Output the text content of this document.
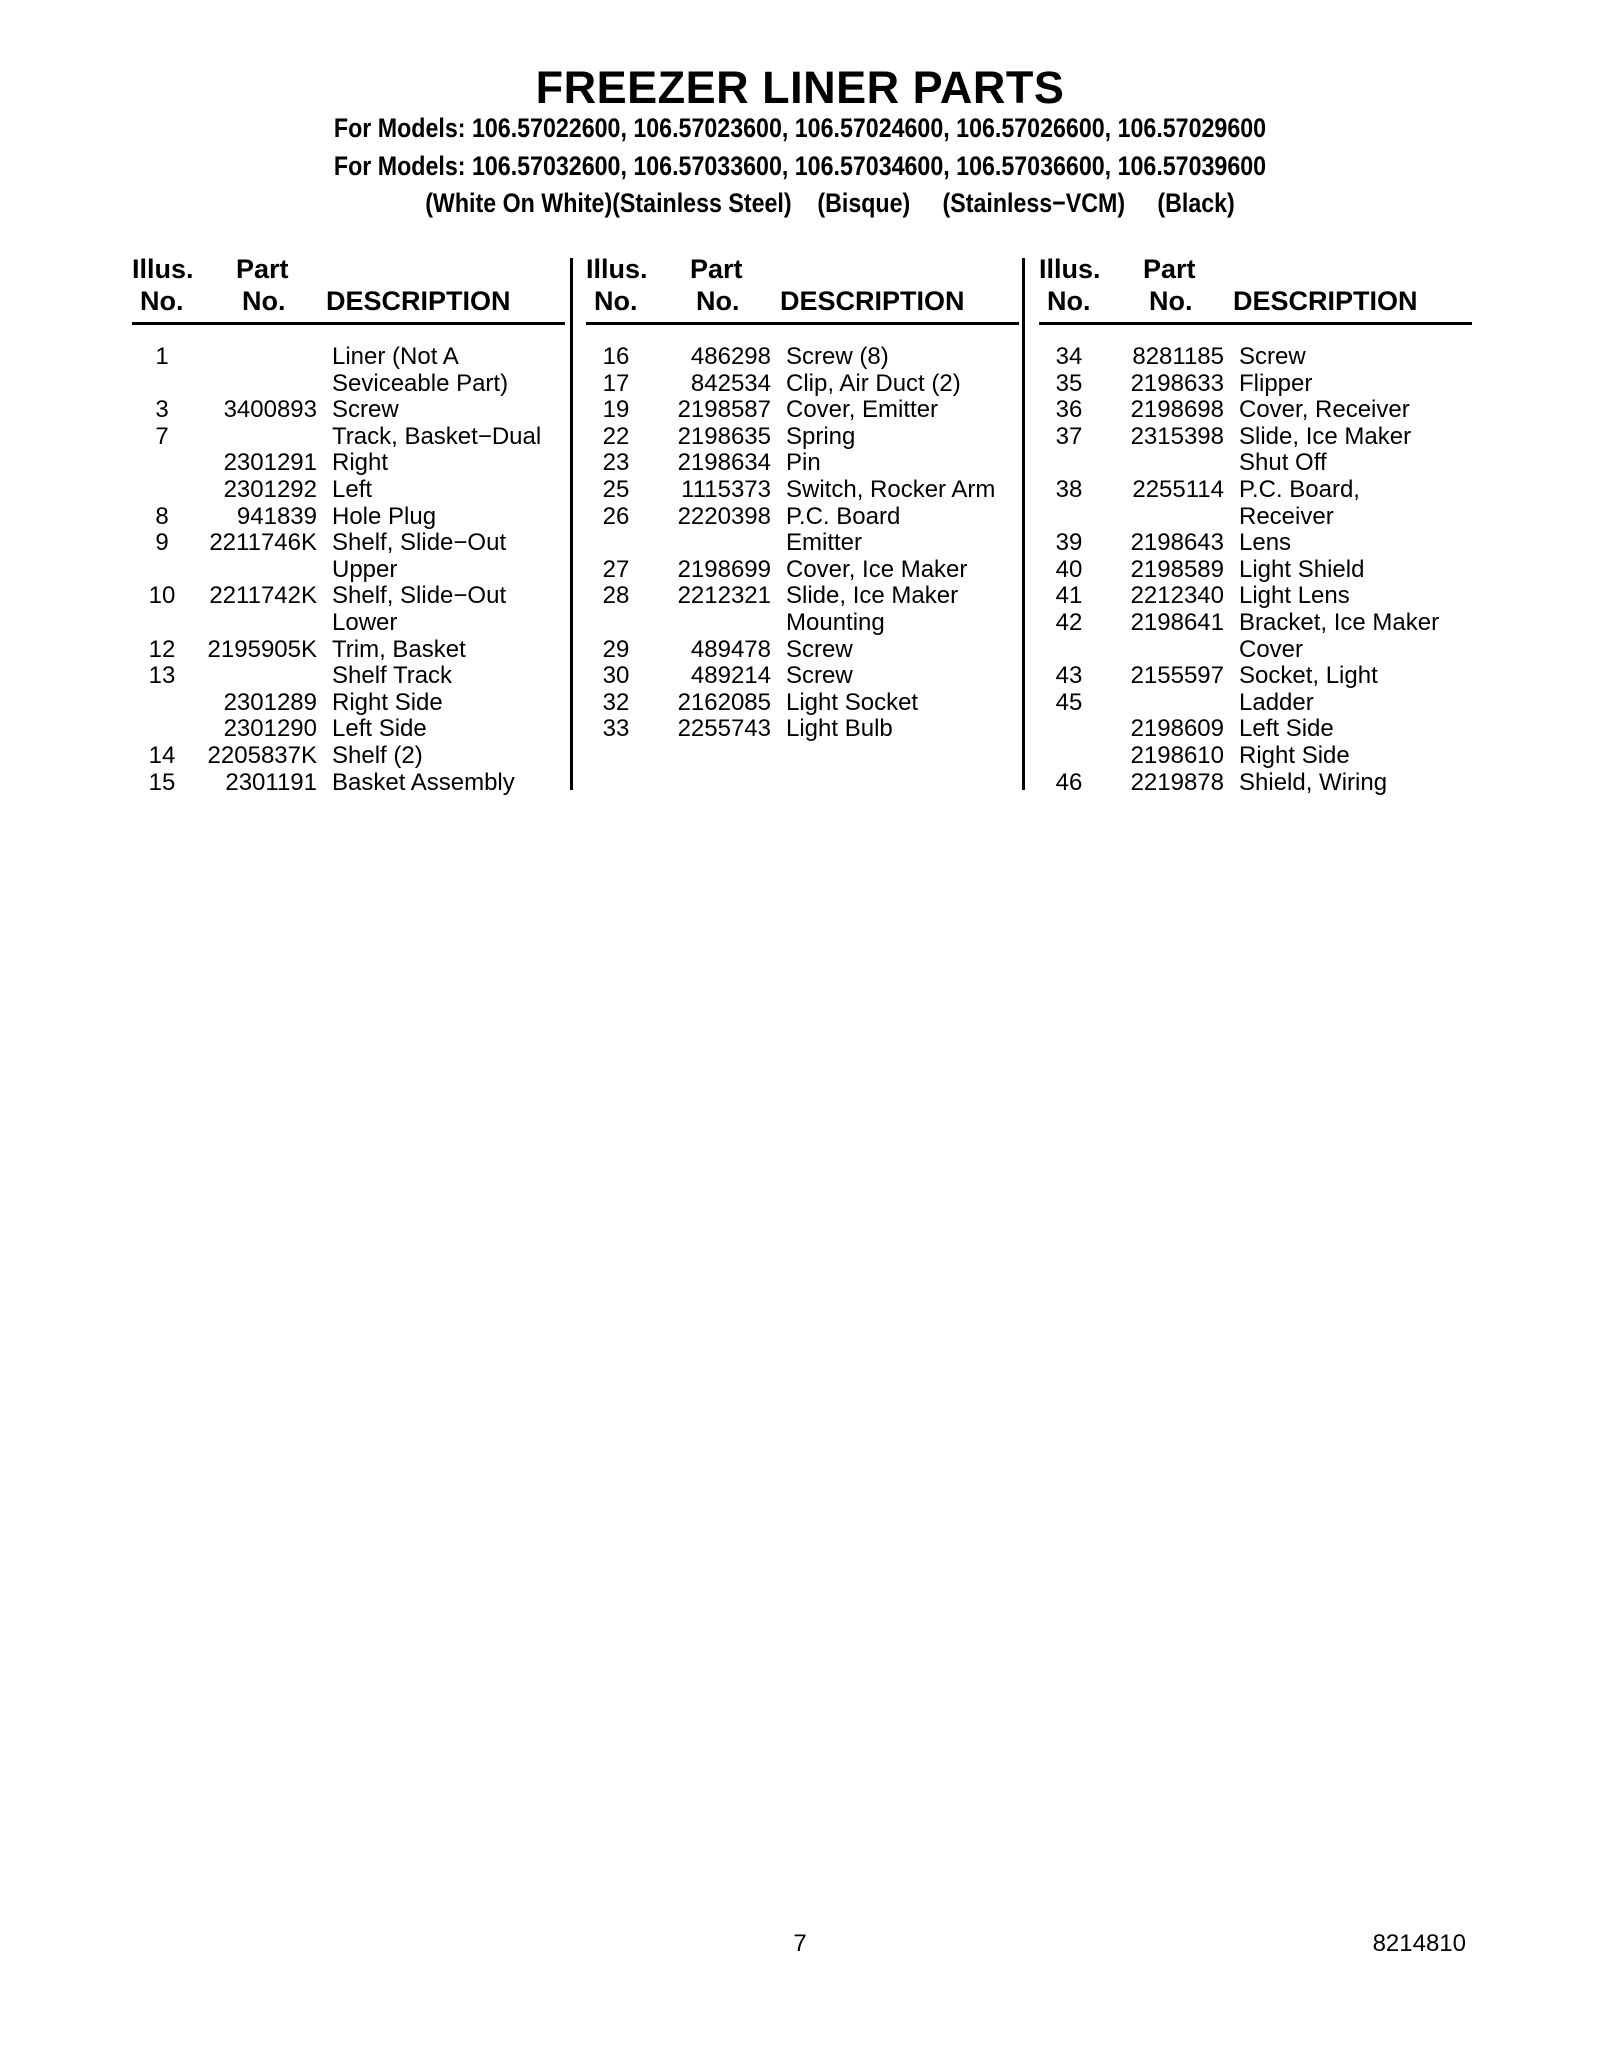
FREEZER LINER PARTS
For Models: 106.57022600, 106.57023600, 106.57024600, 106.57026600, 106.57029600
For Models: 106.57032600, 106.57033600, 106.57034600, 106.57036600, 106.57039600
(White On White)(Stainless Steel)    (Bisque)     (Stainless−VCM)     (Black)
Illus.
No.
Part
No. DESCRIPTION
1	Liner (Not A
Seviceable Part)
3	3400893 Screw
7	Track, Basket−Dual
2301291 Right
2301292 Left
8	941839 Hole Plug
9	2211746K Shelf, Slide−Out
Upper
10	2211742K Shelf, Slide−Out
Lower
12	2195905K Trim, Basket
13	Shelf Track
2301289 Right Side
2301290 Left Side
14	2205837K Shelf (2)
15	2301191 Basket Assembly
Illus.
No.
Part
No. DESCRIPTION
16	486298 Screw (8)
17	842534 Clip, Air Duct (2)
19	2198587 Cover, Emitter
22	2198635 Spring
23	2198634 Pin
25	1115373 Switch, Rocker Arm
26	2220398 P.C. Board
Emitter
27	2198699 Cover, Ice Maker
28	2212321 Slide, Ice Maker
Mounting
29	489478 Screw
30	489214 Screw
32	2162085 Light Socket
33	2255743 Light Bulb
Illus.
No.
Part
No. DESCRIPTION
34	8281185 Screw
35	2198633 Flipper
36	2198698 Cover, Receiver
37	2315398 Slide, Ice Maker
Shut Off
38	2255114 P.C. Board,
Receiver
39	2198643 Lens
40	2198589 Light Shield
41	2212340 Light Lens
42	2198641 Bracket, Ice Maker
Cover
43	2155597 Socket, Light
45	Ladder
2198609 Left Side
2198610 Right Side
46	2219878 Shield, Wiring
7	8214810
